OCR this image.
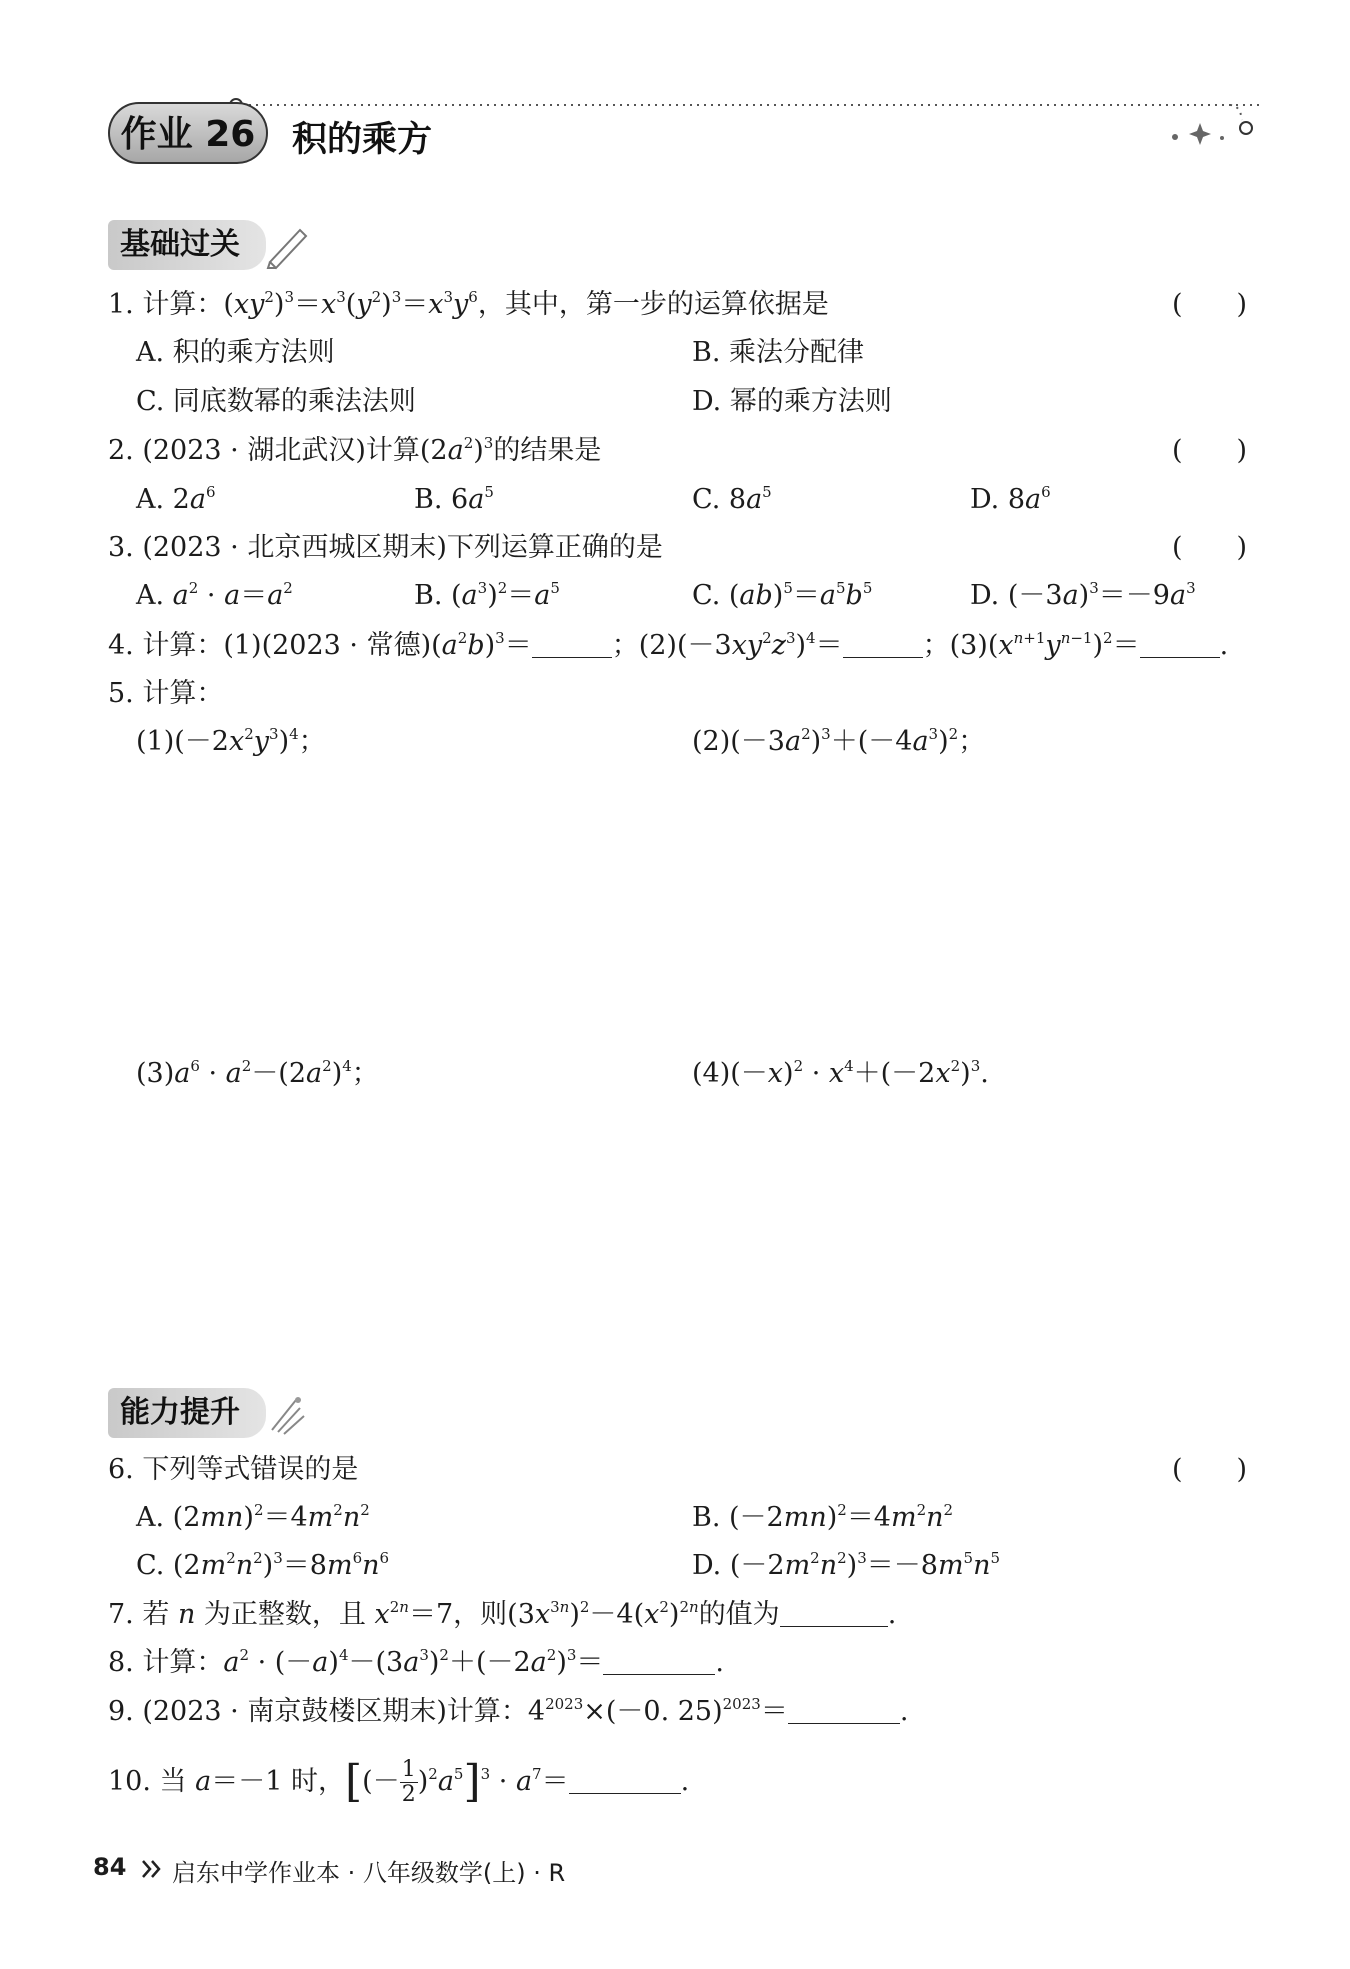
作业 26	积的乘方
基础过关
1. 计算：$(xy^2)^3=x^3(y^2)^3=x^3y^6$，其中，第一步的运算依据是	(　　)
A. 积的乘方法则	B. 乘法分配律
C. 同底数幂的乘法法则	D. 幂的乘方法则
2. (2023 · 湖北武汉)计算$(2a^2)^3$的结果是	(　　)
A. $2a^6$	B. $6a^5$	C. $8a^5$	D. $8a^6$
3. (2023 · 北京西城区期末)下列运算正确的是	(　　)
A. $a^2 \cdot a=a^2$	B. $(a^3)^2=a^5$	C. $(ab)^5=a^5b^5$	D. $(-3a)^3=-9a^3$
4. 计算：(1)(2023 · 常德)$(a^2b)^3=$	；$(2)(-3xy^2z^3)^4=$	；$(3)(x^{n+1}y^{n-1})^2=$	.
5. 计算：
$(1)(-2x^2y^3)^4$；	$(2)(-3a^2)^3+(-4a^3)^2$；
$(3)a^6 \cdot a^2-(2a^2)^4$；	$(4)(-x)^2 \cdot x^4+(-2x^2)^3$.
能力提升
6. 下列等式错误的是	(　　)
A. $(2mn)^2=4m^2n^2$	B. $(-2mn)^2=4m^2n^2$
C. $(2m^2n^2)^3=8m^6n^6$	D. $(-2m^2n^2)^3=-8m^5n^5$
7. 若 n 为正整数，且 $x^{2n}=7$，则$(3x^{3n})^2-4(x^2)^{2n}$的值为	.
8. 计算：$a^2 \cdot (-a)^4-(3a^3)^2+(-2a^2)^3=$	.
9. (2023 · 南京鼓楼区期末)计算：$4^{2023}\times(-0$. 25)$^{2023}$＝	.
10. 当 a＝－1 时，[(－ $\frac{1}{2} )^2a^5]^3 \cdot a^7=$	.
84 启东中学作业本 · 八年级数学(上) · R
